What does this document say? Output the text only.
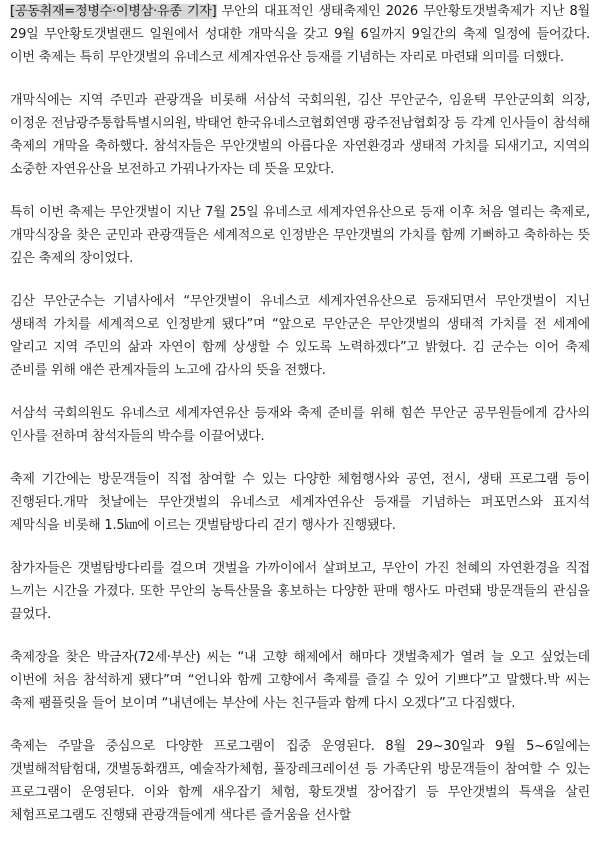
[공동취재=정병수·이병삼·유종 기자] 무안의 대표적인 생태축제인 2026 무안황토갯벌축제가 지난 8월 29일 무안황토갯벌랜드 일원에서 성대한 개막식을 갖고 9월 6일까지 9일간의 축제 일정에 들어갔다. 이번 축제는 특히 무안갯벌의 유네스코 세계자연유산 등재를 기념하는 자리로 마련돼 의미를 더했다.

개막식에는 지역 주민과 관광객을 비롯해 서삼석 국회의원, 김산 무안군수, 임윤택 무안군의회 의장, 이정운 전남광주통합특별시의원, 박태언 한국유네스코협회연맹 광주전남협회장 등 각계 인사들이 참석해 축제의 개막을 축하했다. 참석자들은 무안갯벌의 아름다운 자연환경과 생태적 가치를 되새기고, 지역의 소중한 자연유산을 보전하고 가꿔나가자는 데 뜻을 모았다.

특히 이번 축제는 무안갯벌이 지난 7월 25일 유네스코 세계자연유산으로 등재 이후 처음 열리는 축제로, 개막식장을 찾은 군민과 관광객들은 세계적으로 인정받은 무안갯벌의 가치를 함께 기뻐하고 축하하는 뜻 깊은 축제의 장이었다.

김산 무안군수는 기념사에서 “무안갯벌이 유네스코 세계자연유산으로 등재되면서 무안갯벌이 지닌 생태적 가치를 세계적으로 인정받게 됐다”며 “앞으로 무안군은 무안갯벌의 생태적 가치를 전 세계에 알리고 지역 주민의 삶과 자연이 함께 상생할 수 있도록 노력하겠다”고 밝혔다. 김 군수는 이어 축제 준비를 위해 애쓴 관계자들의 노고에 감사의 뜻을 전했다.

서삼석 국회의원도 유네스코 세계자연유산 등재와 축제 준비를 위해 힘쓴 무안군 공무원들에게 감사의 인사를 전하며 참석자들의 박수를 이끌어냈다.

축제 기간에는 방문객들이 직접 참여할 수 있는 다양한 체험행사와 공연, 전시, 생태 프로그램 등이 진행된다.개막 첫날에는 무안갯벌의 유네스코 세계자연유산 등재를 기념하는 퍼포먼스와 표지석 제막식을 비롯해 1.5㎞에 이르는 갯벌탐방다리 걷기 행사가 진행됐다.

참가자들은 갯벌탐방다리를 걸으며 갯벌을 가까이에서 살펴보고, 무안이 가진 천혜의 자연환경을 직접 느끼는 시간을 가졌다. 또한 무안의 농특산물을 홍보하는 다양한 판매 행사도 마련돼 방문객들의 관심을 끌었다.

축제장을 찾은 박금자(72세·부산) 씨는 “내 고향 해제에서 해마다 갯벌축제가 열려 늘 오고 싶었는데 이번에 처음 참석하게 됐다”며 “언니와 함께 고향에서 축제를 즐길 수 있어 기쁘다”고 말했다.박 씨는 축제 팸플릿을 들어 보이며 “내년에는 부산에 사는 친구들과 함께 다시 오겠다”고 다짐했다.

축제는 주말을 중심으로 다양한 프로그램이 집중 운영된다. 8월 29~30일과 9월 5~6일에는 갯벌해적탐험대, 갯벌동화캠프, 예술작가체험, 풀장레크레이션 등 가족단위 방문객들이 참여할 수 있는 프로그램이 운영된다. 이와 함께 새우잡기 체험, 황토갯벌 장어잡기 등 무안갯벌의 특색을 살린 체험프로그램도 진행돼 관광객들에게 색다른 즐거움을 선사할
